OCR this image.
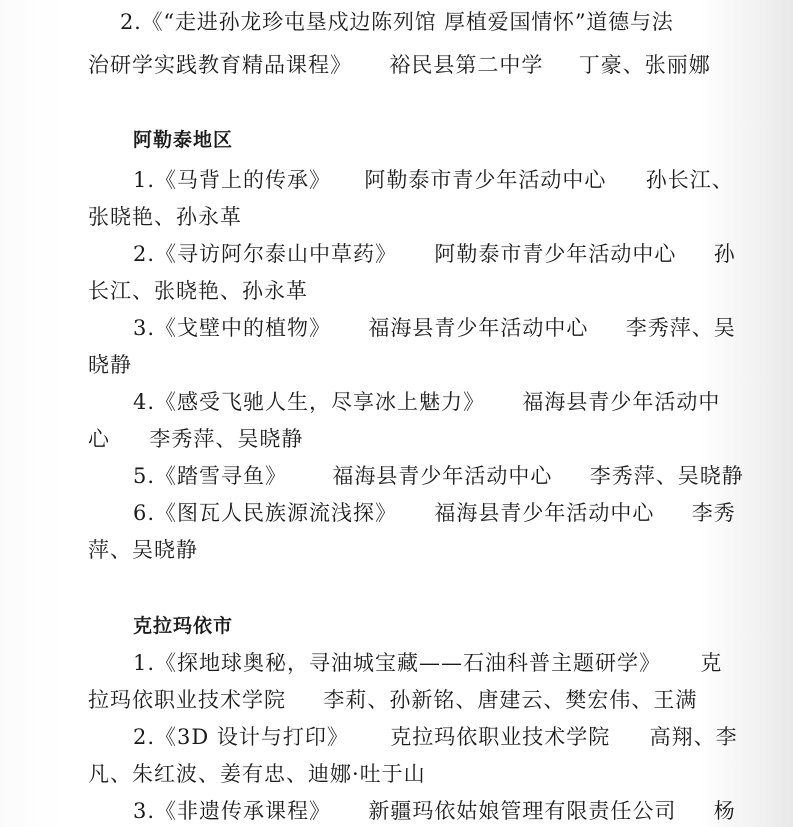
2.《“走进孙龙珍屯垦戍边陈列馆 厚植爱国情怀”道德与法
治研学实践教育精品课程》 裕民县第二中学 丁豪、张丽娜
阿勒泰地区
1.《马背上的传承》 阿勒泰市青少年活动中心 孙长江、
张晓艳、孙永革
2.《寻访阿尔泰山中草药》 阿勒泰市青少年活动中心 孙
长江、张晓艳、孙永革
3.《戈壁中的植物》 福海县青少年活动中心 李秀萍、吴
晓静
4.《感受飞驰人生，尽享冰上魅力》 福海县青少年活动中
心 李秀萍、吴晓静
5.《踏雪寻鱼》 福海县青少年活动中心 李秀萍、吴晓静
6.《图瓦人民族源流浅探》 福海县青少年活动中心 李秀
萍、吴晓静
克拉玛依市
1.《探地球奥秘，寻油城宝藏——石油科普主题研学》 克
拉玛依职业技术学院 李莉、孙新铭、唐建云、樊宏伟、王满
2.《3D 设计与打印》 克拉玛依职业技术学院 高翔、李
凡、朱红波、姜有忠、迪娜·吐于山
3.《非遗传承课程》 新疆玛依姑娘管理有限责任公司 杨
